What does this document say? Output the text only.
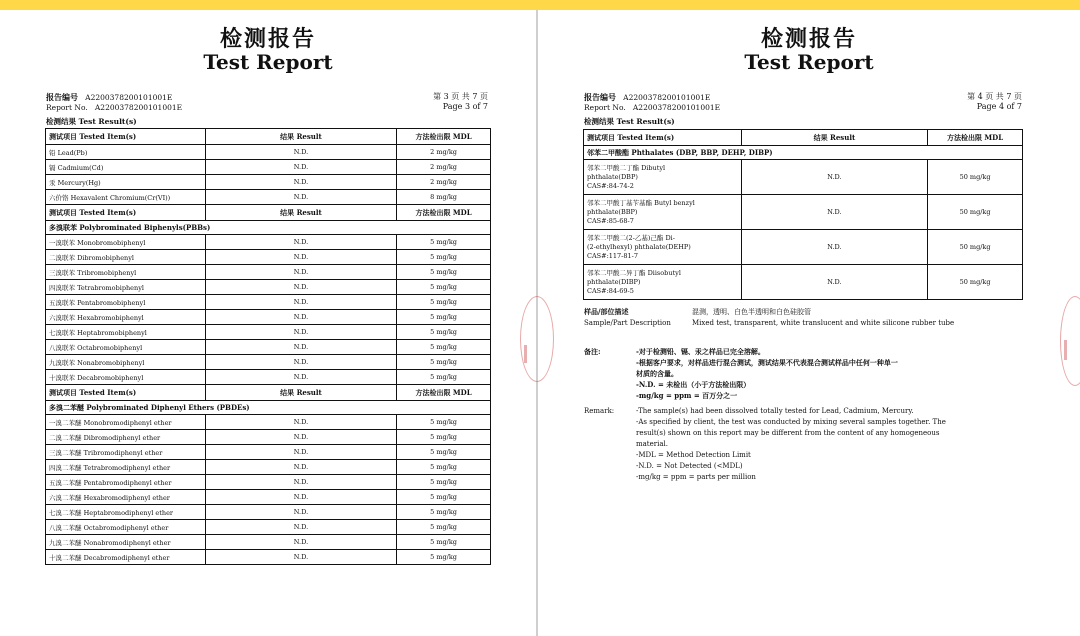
检测报告
Test Report
报告编号 A2200378200101001E
Report No. A2200378200101001E
第 3 页 共 7 页
Page 3 of 7
检测结果 Test Result(s)
测试项目 Tested Item(s)	结果 Result	方法检出限 MDL
铅 Lead(Pb)	N.D.	2 mg/kg
镉 Cadmium(Cd)	N.D.	2 mg/kg
汞 Mercury(Hg)	N.D.	2 mg/kg
六价铬 Hexavalent Chromium(Cr(VI))	N.D.	8 mg/kg
测试项目 Tested Item(s)	结果 Result	方法检出限 MDL
多溴联苯 Polybrominated Biphenyls(PBBs)		
一溴联苯 Monobromobiphenyl	N.D.	5 mg/kg
二溴联苯 Dibromobiphenyl	N.D.	5 mg/kg
三溴联苯 Tribromobiphenyl	N.D.	5 mg/kg
四溴联苯 Tetrabromobiphenyl	N.D.	5 mg/kg
五溴联苯 Pentabromobiphenyl	N.D.	5 mg/kg
六溴联苯 Hexabromobiphenyl	N.D.	5 mg/kg
七溴联苯 Heptabromobiphenyl	N.D.	5 mg/kg
八溴联苯 Octabromobiphenyl	N.D.	5 mg/kg
九溴联苯 Nonabromobiphenyl	N.D.	5 mg/kg
十溴联苯 Decabromobiphenyl	N.D.	5 mg/kg
测试项目 Tested Item(s)	结果 Result	方法检出限 MDL
多溴二苯醚 Polybrominated Diphenyl Ethers (PBDEs)		
一溴二苯醚 Monobromodiphenyl ether	N.D.	5 mg/kg
二溴二苯醚 Dibromodiphenyl ether	N.D.	5 mg/kg
三溴二苯醚 Tribromodiphenyl ether	N.D.	5 mg/kg
四溴二苯醚 Tetrabromodiphenyl ether	N.D.	5 mg/kg
五溴二苯醚 Pentabromodiphenyl ether	N.D.	5 mg/kg
六溴二苯醚 Hexabromodiphenyl ether	N.D.	5 mg/kg
七溴二苯醚 Heptabromodiphenyl ether	N.D.	5 mg/kg
八溴二苯醚 Octabromodiphenyl ether	N.D.	5 mg/kg
九溴二苯醚 Nonabromodiphenyl ether	N.D.	5 mg/kg
十溴二苯醚 Decabromodiphenyl ether	N.D.	5 mg/kg
检测报告
Test Report
报告编号 A2200378200101001E
Report No. A2200378200101001E
第 4 页 共 7 页
Page 4 of 7
检测结果 Test Result(s)
测试项目 Tested Item(s)	结果 Result	方法检出限 MDL
邻苯二甲酸酯 Phthalates (DBP, BBP, DEHP, DIBP)		

邻苯二甲酸二丁酯 Dibutyl
phthalate(DBP)
CAS#:84-74-2	N.D.	50 mg/kg

邻苯二甲酸丁基苄基酯 Butyl benzyl
phthalate(BBP)
CAS#:85-68-7	N.D.	50 mg/kg

邻苯二甲酸二(2-乙基)己酯 Di-
(2-ethylhexyl) phthalate(DEHP)
CAS#:117-81-7	N.D.	50 mg/kg

邻苯二甲酸二异丁酯 Diisobutyl
phthalate(DIBP)
CAS#:84-69-5	N.D.	50 mg/kg
样品/部位描述	混测，透明、白色半透明和白色硅胶管
Sample/Part Description	Mixed test, transparent, white translucent and white silicone rubber tube
备注:	-对于检测铅、镉、汞之样品已完全溶解。
-根据客户要求，对样品进行混合测试，测试结果不代表混合测试样品中任何一种单一
材质的含量。
-N.D. = 未检出（小于方法检出限）
-mg/kg = ppm = 百万分之一
Remark:	-The sample(s) had been dissolved totally tested for Lead, Cadmium, Mercury.
-As specified by client, the test was conducted by mixing several samples together. The
result(s) shown on this report may be different from the content of any homogeneous
material.
-MDL = Method Detection Limit
-N.D. = Not Detected (<MDL)
-mg/kg = ppm = parts per million
